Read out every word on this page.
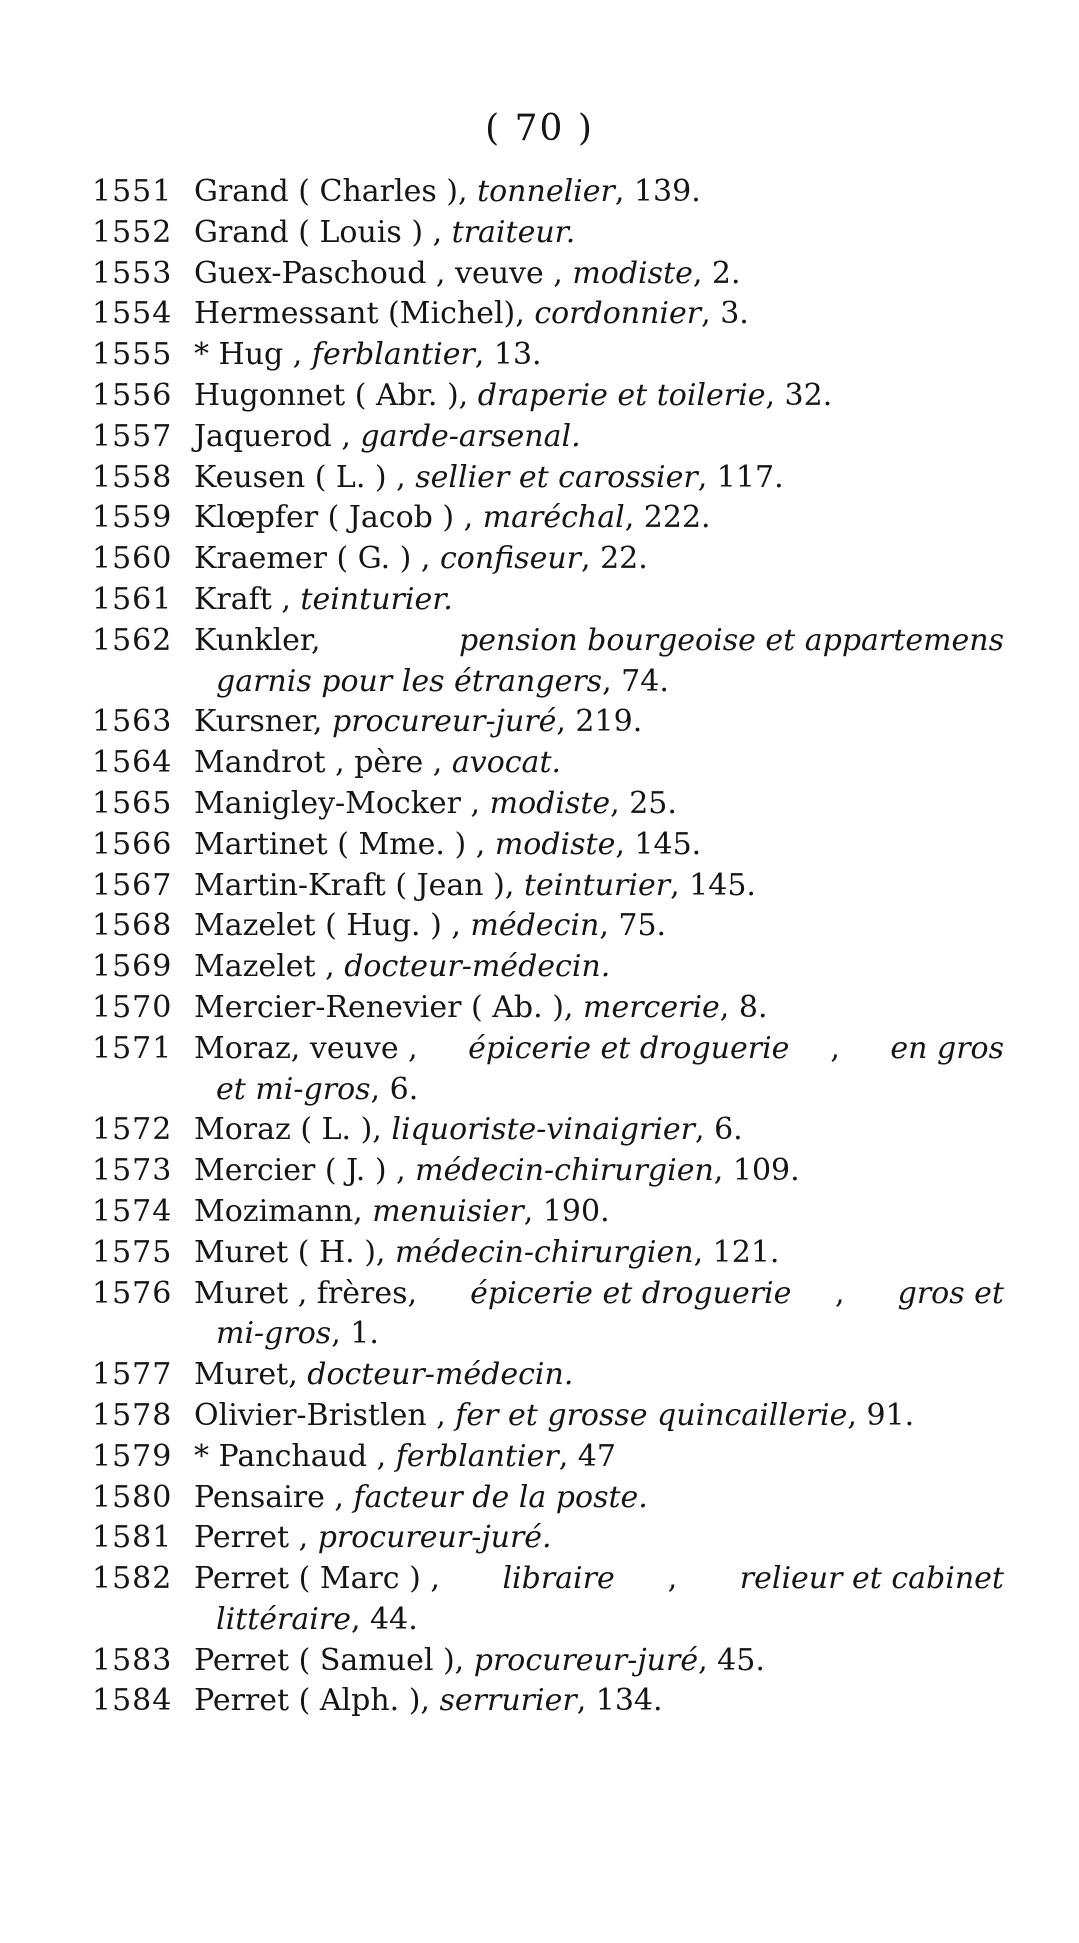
( 70 )
1551 Grand ( Charles ), tonnelier, 139.
1552 Grand ( Louis ) , traiteur.
1553 Guex-Paschoud , veuve , modiste, 2.
1554 Hermessant (Michel), cordonnier, 3.
1555 * Hug , ferblantier, 13.
1556 Hugonnet ( Abr. ), draperie et toilerie, 32.
1557 Jaquerod , garde-arsenal.
1558 Keusen ( L. ) , sellier et carossier, 117.
1559 Klœpfer ( Jacob ) , maréchal, 222.
1560 Kraemer ( G. ) , confiseur, 22.
1561 Kraft , teinturier.
1562 Kunkler,	pension bourgeoise et appartemens
garnis pour les étrangers, 74.
1563 Kursner, procureur-juré, 219.
1564 Mandrot , père , avocat.
1565 Manigley-Mocker , modiste, 25.
1566 Martinet ( Mme. ) , modiste, 145.
1567 Martin-Kraft ( Jean ), teinturier, 145.
1568 Mazelet ( Hug. ) , médecin, 75.
1569 Mazelet , docteur-médecin.
1570 Mercier-Renevier ( Ab. ), mercerie, 8.
1571 Moraz, veuve , épicerie et droguerie , en gros
et mi-gros, 6.
1572 Moraz ( L. ), liquoriste-vinaigrier, 6.
1573 Mercier ( J. ) , médecin-chirurgien, 109.
1574 Mozimann, menuisier, 190.
1575 Muret ( H. ), médecin-chirurgien, 121.
1576 Muret , frères, épicerie et droguerie , gros et
mi-gros, 1.
1577 Muret, docteur-médecin.
1578 Olivier-Bristlen , fer et grosse quincaillerie, 91.
1579 * Panchaud , ferblantier, 47
1580 Pensaire , facteur de la poste.
1581 Perret , procureur-juré.
1582 Perret ( Marc ) , libraire , relieur et cabinet
littéraire, 44.
1583 Perret ( Samuel ), procureur-juré, 45.
1584 Perret ( Alph. ), serrurier, 134.
